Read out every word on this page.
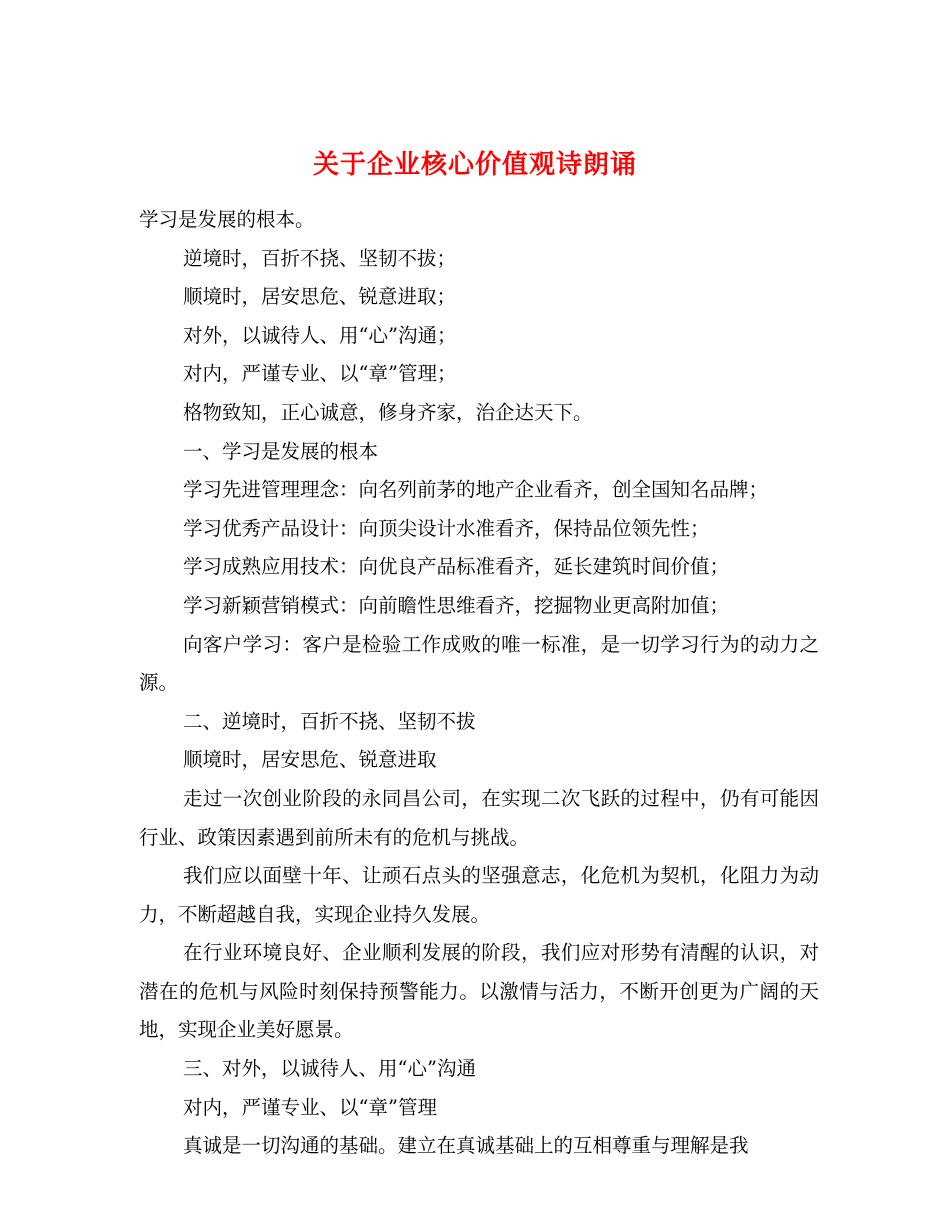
关于企业核心价值观诗朗诵

学习是发展的根本。

逆境时，百折不挠、坚韧不拔；

顺境时，居安思危、锐意进取；

对外，以诚待人、用“心”沟通；

对内，严谨专业、以“章”管理；

格物致知，正心诚意，修身齐家，治企达天下。

一、学习是发展的根本

学习先进管理理念：向名列前茅的地产企业看齐，创全国知名品牌；

学习优秀产品设计：向顶尖设计水准看齐，保持品位领先性；

学习成熟应用技术：向优良产品标准看齐，延长建筑时间价值；

学习新颖营销模式：向前瞻性思维看齐，挖掘物业更高附加值；

向客户学习：客户是检验工作成败的唯一标准，是一切学习行为的动力之源。

二、逆境时，百折不挠、坚韧不拔

顺境时，居安思危、锐意进取

走过一次创业阶段的永同昌公司，在实现二次飞跃的过程中，仍有可能因行业、政策因素遇到前所未有的危机与挑战。

我们应以面壁十年、让顽石点头的坚强意志，化危机为契机，化阻力为动力，不断超越自我，实现企业持久发展。

在行业环境良好、企业顺利发展的阶段，我们应对形势有清醒的认识，对潜在的危机与风险时刻保持预警能力。以激情与活力，不断开创更为广阔的天地，实现企业美好愿景。

三、对外，以诚待人、用“心”沟通

对内，严谨专业、以“章”管理

真诚是一切沟通的基础。建立在真诚基础上的互相尊重与理解是我
